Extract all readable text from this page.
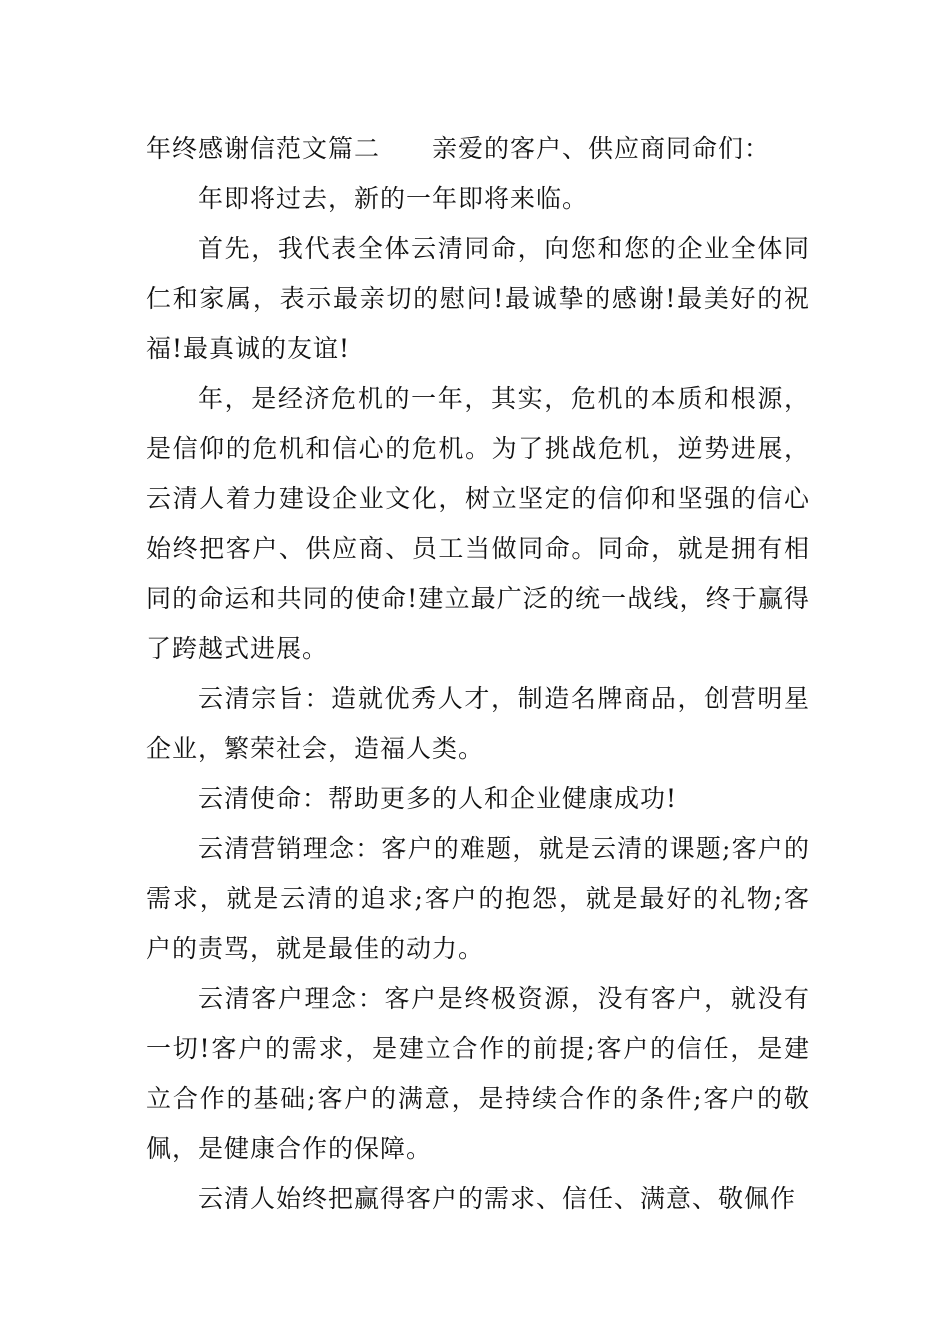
年终感谢信范文篇二 亲爱的客户、供应商同命们：

年即将过去，新的一年即将来临。

首先，我代表全体云清同命，向您和您的企业全体同仁和家属，表示最亲切的慰问!最诚挚的感谢!最美好的祝福!最真诚的友谊!

年，是经济危机的一年，其实，危机的本质和根源，是信仰的危机和信心的危机。为了挑战危机，逆势进展，云清人着力建设企业文化，树立坚定的信仰和坚强的信心始终把客户、供应商、员工当做同命。同命，就是拥有相同的命运和共同的使命!建立最广泛的统一战线，终于赢得了跨越式进展。

云清宗旨：造就优秀人才，制造名牌商品，创营明星企业，繁荣社会，造福人类。

云清使命：帮助更多的人和企业健康成功!

云清营销理念：客户的难题，就是云清的课题;客户的需求，就是云清的追求;客户的抱怨，就是最好的礼物;客户的责骂，就是最佳的动力。

云清客户理念：客户是终极资源，没有客户，就没有一切!客户的需求，是建立合作的前提;客户的信任，是建立合作的基础;客户的满意，是持续合作的条件;客户的敬佩，是健康合作的保障。

云清人始终把赢得客户的需求、信任、满意、敬佩作
